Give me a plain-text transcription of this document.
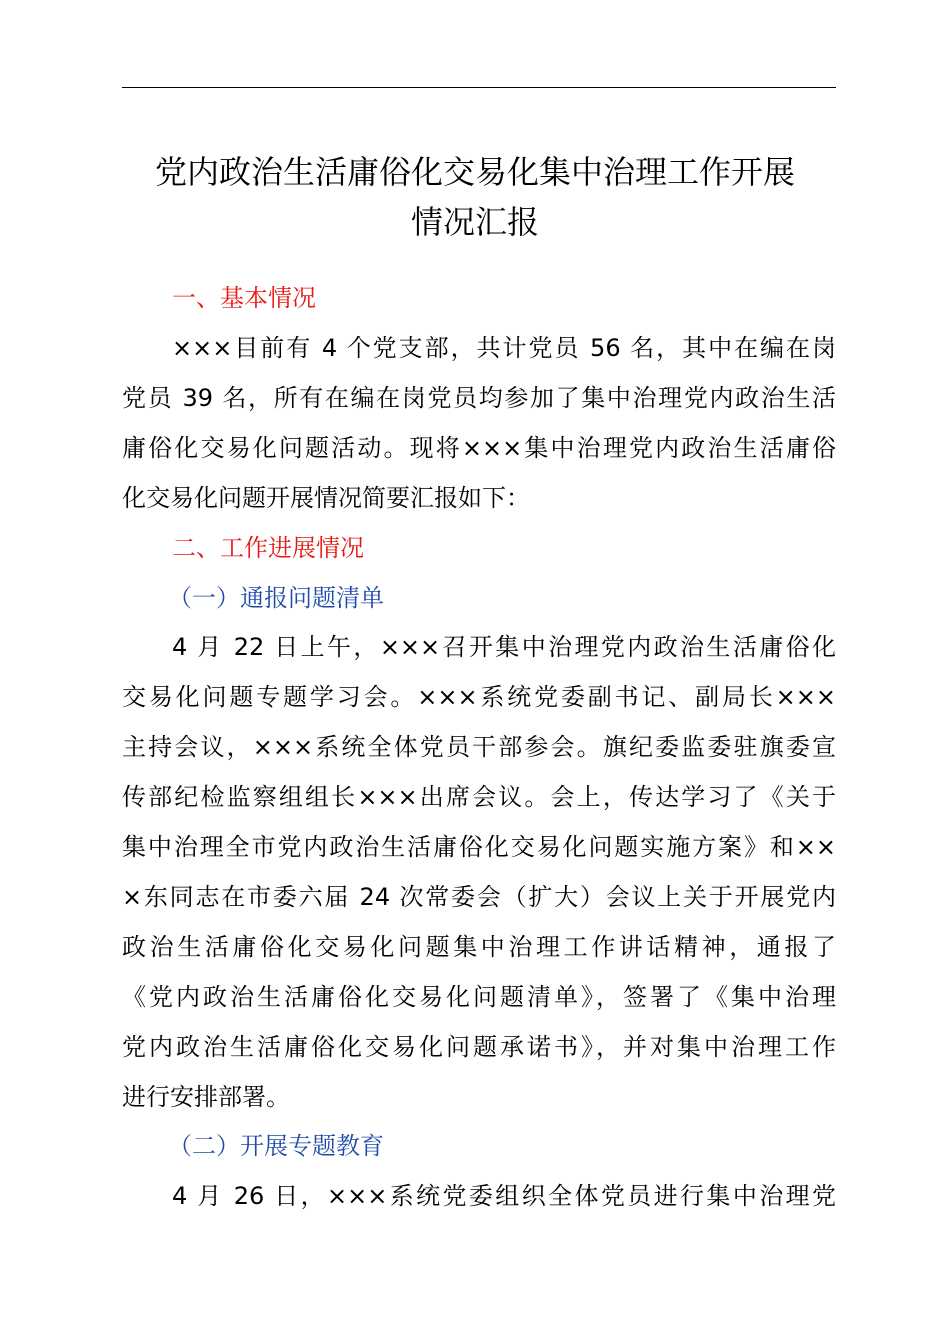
党内政治生活庸俗化交易化集中治理工作开展
情况汇报
一、基本情况
×××目前有 4 个党支部，共计党员 56 名，其中在编在岗
党员 39 名，所有在编在岗党员均参加了集中治理党内政治生活
庸俗化交易化问题活动。现将×××集中治理党内政治生活庸俗
化交易化问题开展情况简要汇报如下：
二、工作进展情况
（一）通报问题清单
4 月 22 日上午，×××召开集中治理党内政治生活庸俗化
交易化问题专题学习会。×××系统党委副书记、副局长×××
主持会议，×××系统全体党员干部参会。旗纪委监委驻旗委宣
传部纪检监察组组长×××出席会议。会上，传达学习了《关于
集中治理全市党内政治生活庸俗化交易化问题实施方案》和××
×东同志在市委六届 24 次常委会（扩大）会议上关于开展党内
政治生活庸俗化交易化问题集中治理工作讲话精神，通报了
《党内政治生活庸俗化交易化问题清单》，签署了《集中治理
党内政治生活庸俗化交易化问题承诺书》，并对集中治理工作
进行安排部署。
（二）开展专题教育
4 月 26 日，×××系统党委组织全体党员进行集中治理党
